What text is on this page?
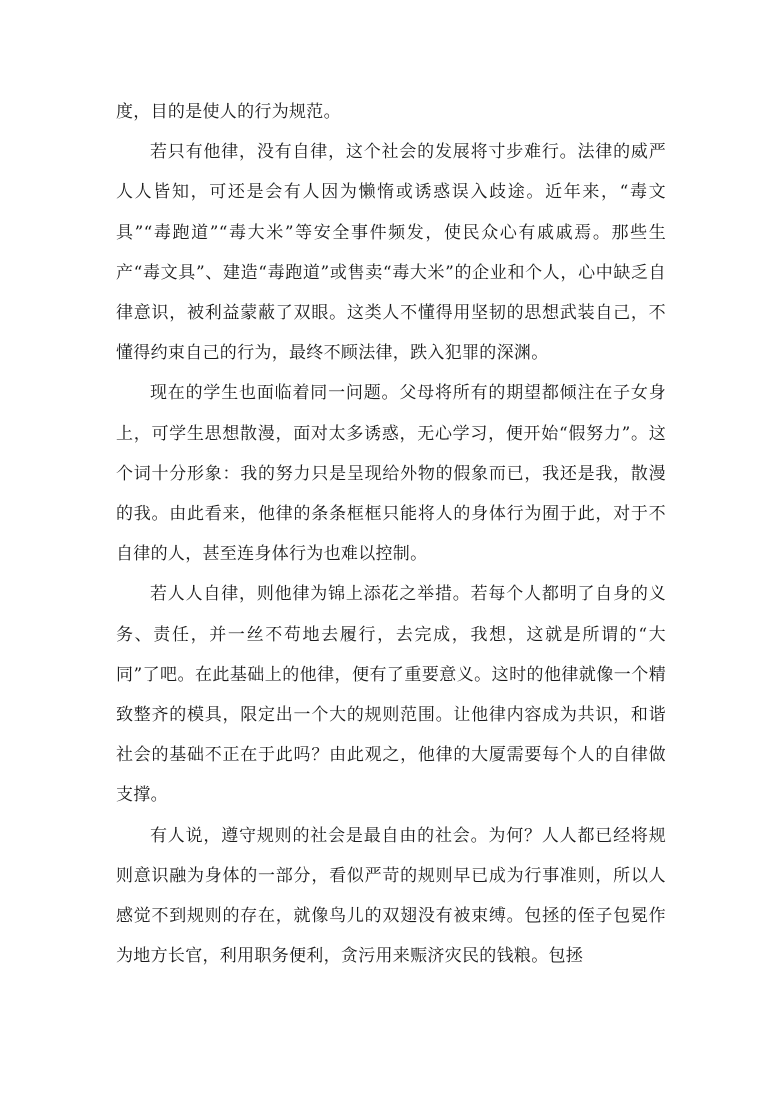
度，目的是使人的行为规范。

若只有他律，没有自律，这个社会的发展将寸步难行。法律的威严人人皆知，可还是会有人因为懒惰或诱惑误入歧途。近年来，“毒文具”“毒跑道”“毒大米”等安全事件频发，使民众心有戚戚焉。那些生产“毒文具”、建造“毒跑道”或售卖“毒大米”的企业和个人，心中缺乏自律意识，被利益蒙蔽了双眼。这类人不懂得用坚韧的思想武装自己，不懂得约束自己的行为，最终不顾法律，跌入犯罪的深渊。

现在的学生也面临着同一问题。父母将所有的期望都倾注在子女身上，可学生思想散漫，面对太多诱惑，无心学习，便开始“假努力”。这个词十分形象：我的努力只是呈现给外物的假象而已，我还是我，散漫的我。由此看来，他律的条条框框只能将人的身体行为囿于此，对于不自律的人，甚至连身体行为也难以控制。

若人人自律，则他律为锦上添花之举措。若每个人都明了自身的义务、责任，并一丝不苟地去履行，去完成，我想，这就是所谓的“大同”了吧。在此基础上的他律，便有了重要意义。这时的他律就像一个精致整齐的模具，限定出一个大的规则范围。让他律内容成为共识，和谐社会的基础不正在于此吗？由此观之，他律的大厦需要每个人的自律做支撑。

有人说，遵守规则的社会是最自由的社会。为何？人人都已经将规则意识融为身体的一部分，看似严苛的规则早已成为行事准则，所以人感觉不到规则的存在，就像鸟儿的双翅没有被束缚。包拯的侄子包冕作为地方长官，利用职务便利，贪污用来赈济灾民的钱粮。包拯
